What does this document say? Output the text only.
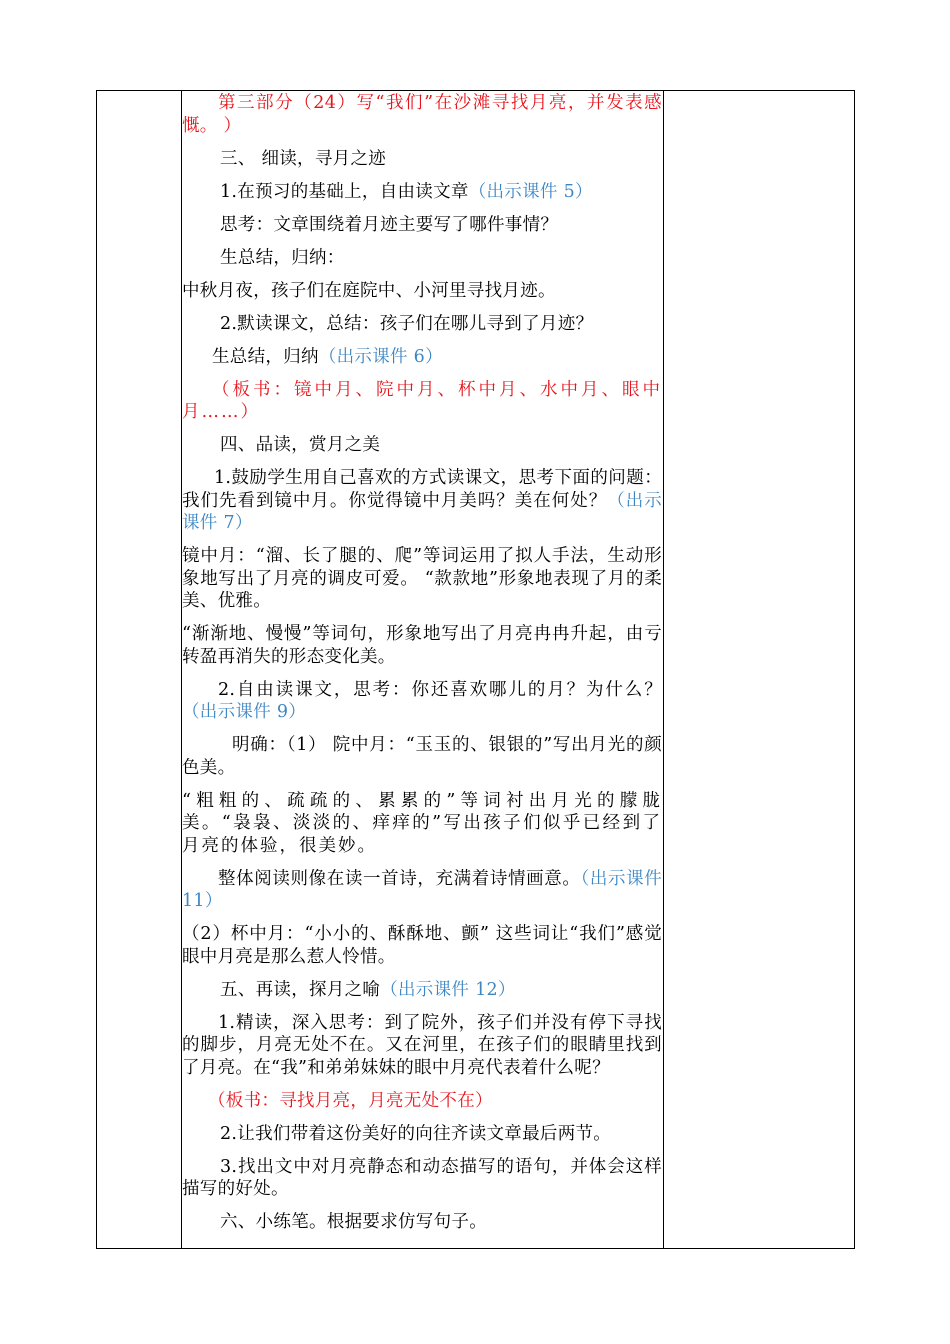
第三部分（24）写“我们”在沙滩寻找月亮，并发表感慨。 ）

三、 细读，寻月之迹

1.在预习的基础上，自由读文章（出示课件 5）

思考：文章围绕着月迹主要写了哪件事情？

生总结，归纳：

中秋月夜，孩子们在庭院中、小河里寻找月迹。

2.默读课文，总结：孩子们在哪儿寻到了月迹？

生总结，归纳（出示课件 6）

（板书：镜中月、院中月、杯中月、水中月、眼中月……）

四、品读，赏月之美

1.鼓励学生用自己喜欢的方式读课文，思考下面的问题：我们先看到镜中月。你觉得镜中月美吗？美在何处？（出示课件 7）

镜中月：“溜、长了腿的、爬”等词运用了拟人手法，生动形象地写出了月亮的调皮可爱。 “款款地”形象地表现了月的柔美、优雅。

“渐渐地、慢慢”等词句，形象地写出了月亮冉冉升起，由亏转盈再消失的形态变化美。

2.自由读课文，思考：你还喜欢哪儿的月？为什么？（出示课件 9）

明确：（1） 院中月：“玉玉的、银银的”写出月光的颜色美。

“粗粗的、疏疏的、累累的”等词衬出月光的朦胧美。“袅袅、淡淡的、痒痒的”写出孩子们似乎已经到了月亮的体验，很美妙。

整体阅读则像在读一首诗，充满着诗情画意。（出示课件 11）

（2）杯中月：“小小的、酥酥地、颤” 这些词让“我们”感觉眼中月亮是那么惹人怜惜。

五、再读，探月之喻（出示课件 12）

1.精读，深入思考：到了院外，孩子们并没有停下寻找的脚步，月亮无处不在。又在河里，在孩子们的眼睛里找到了月亮。在“我”和弟弟妹妹的眼中月亮代表着什么呢？

（板书：寻找月亮，月亮无处不在）

2.让我们带着这份美好的向往齐读文章最后两节。

3.找出文中对月亮静态和动态描写的语句，并体会这样描写的好处。

六、小练笔。根据要求仿写句子。
